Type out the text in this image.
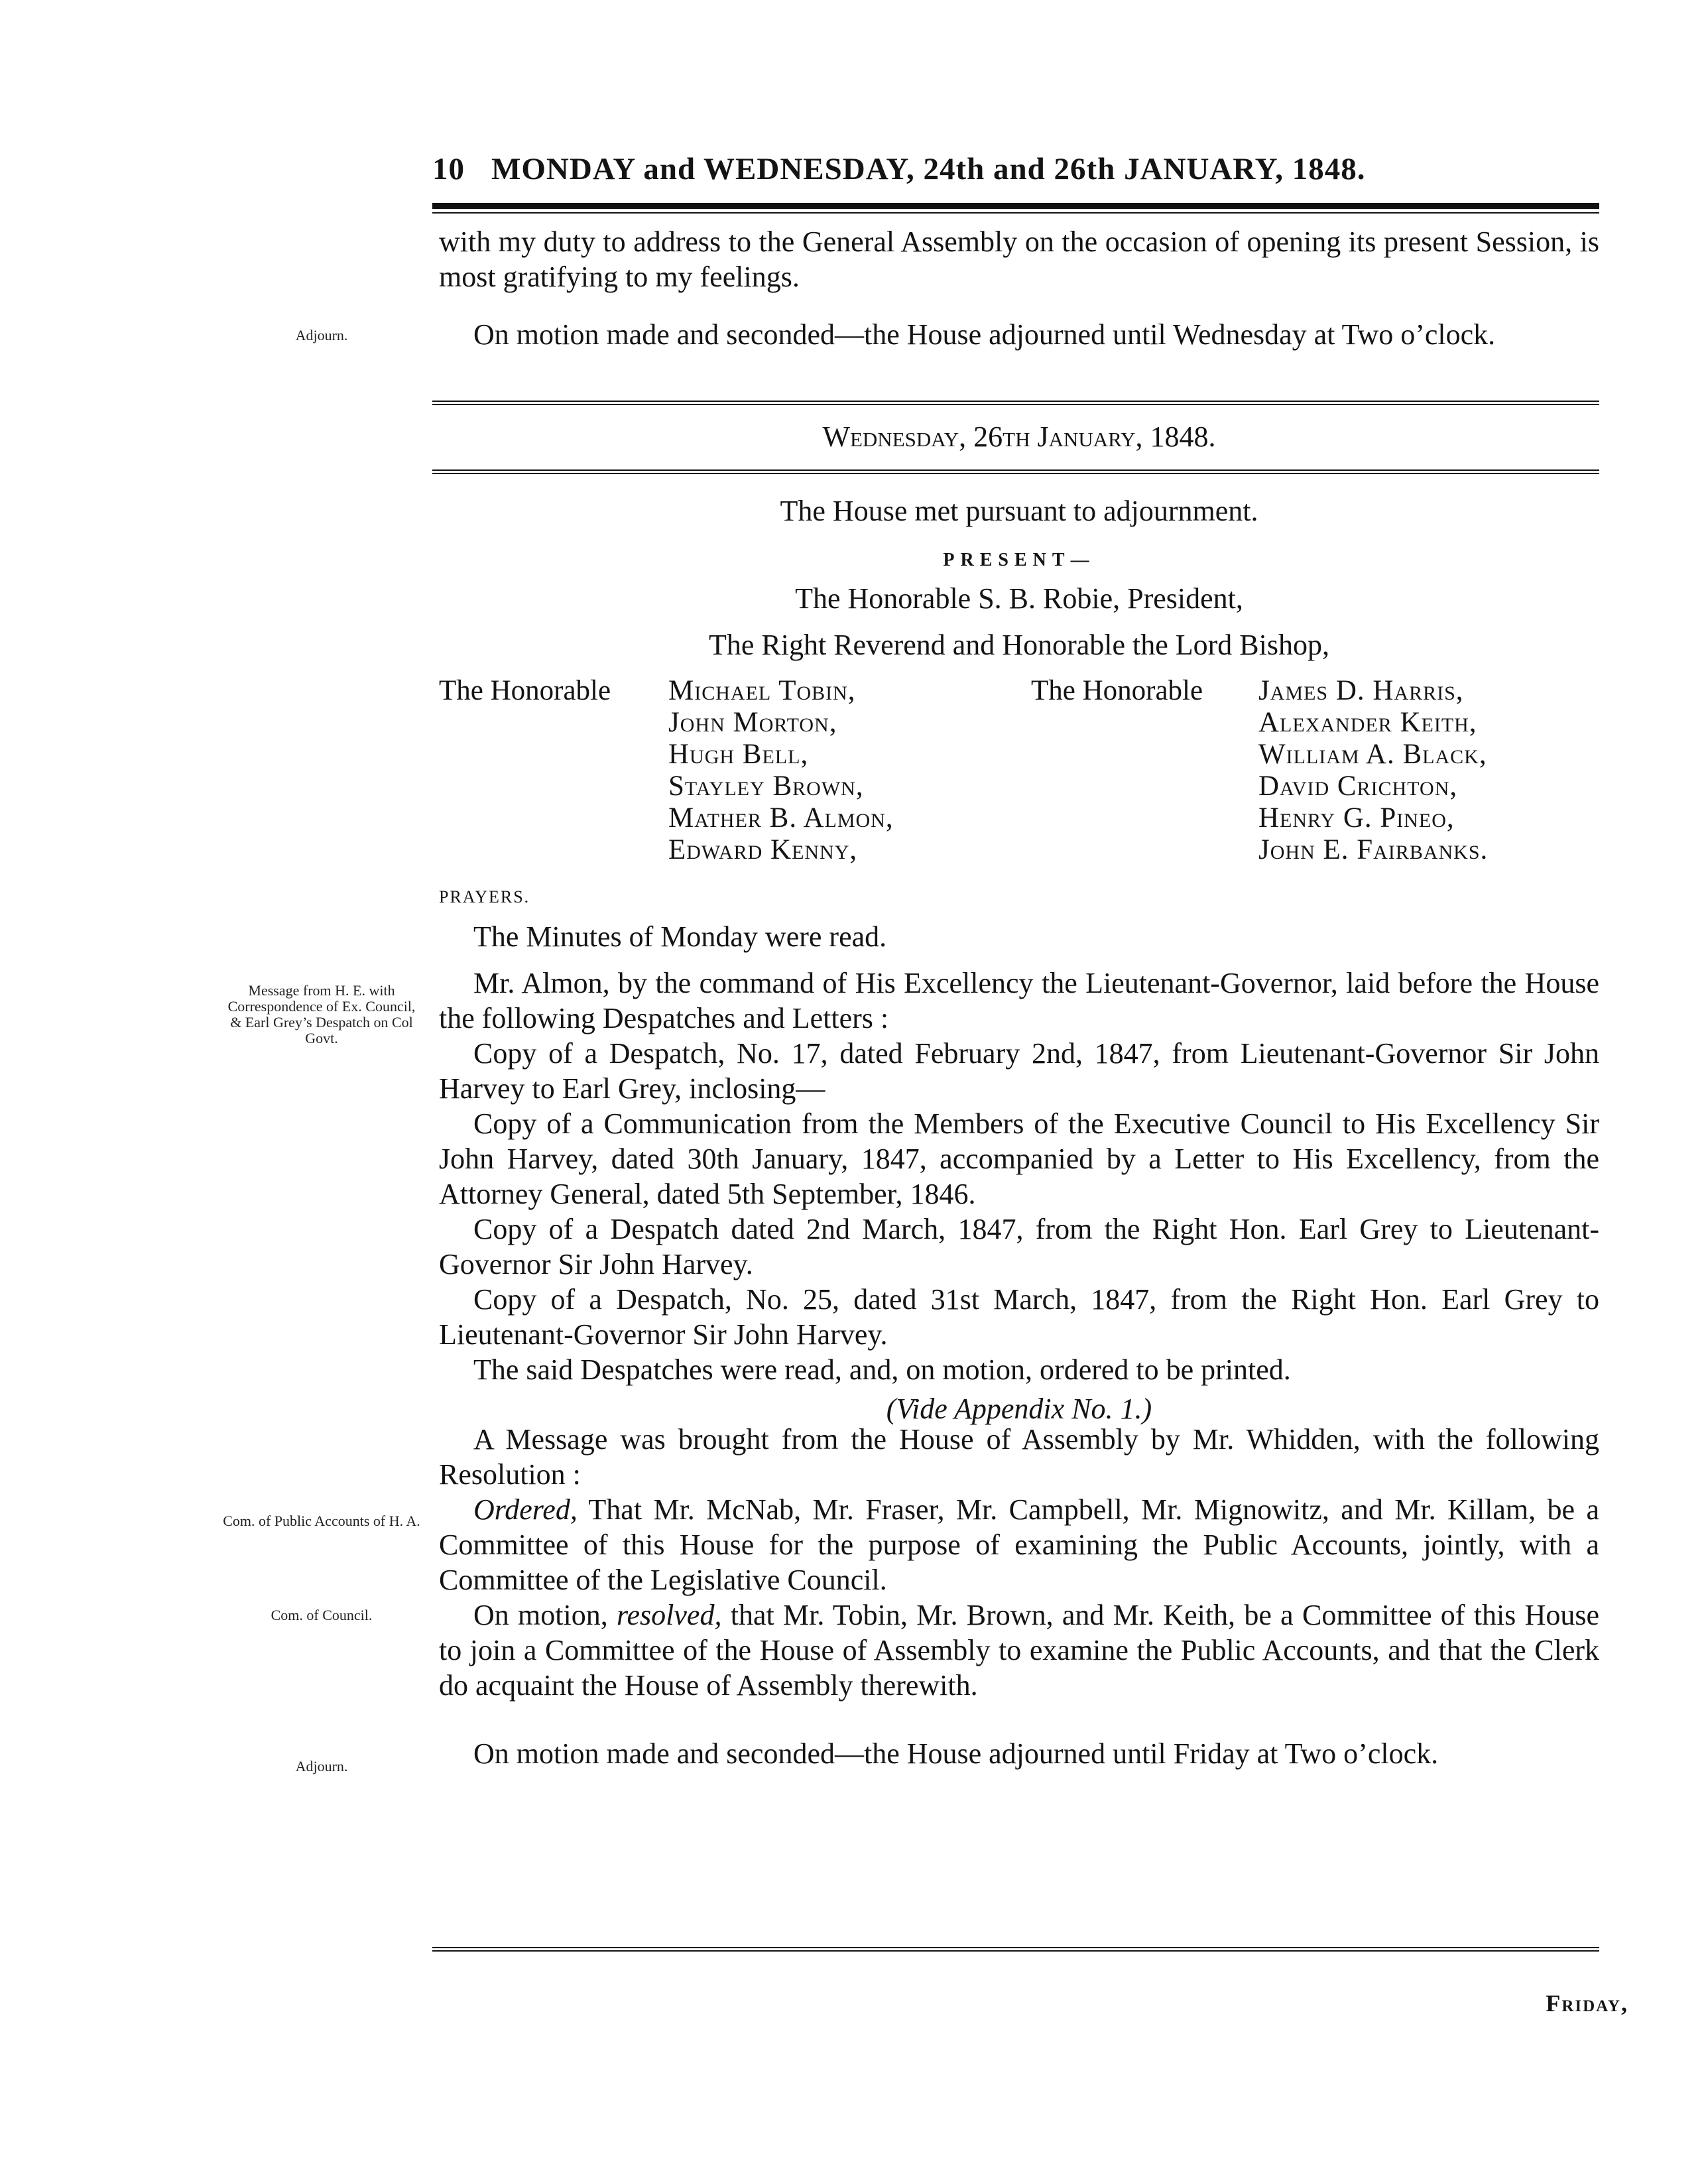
10 MONDAY and WEDNESDAY, 24th and 26th JANUARY, 1848.
with my duty to address to the General Assembly on the occasion of opening its present Session, is most gratifying to my feelings.
Adjourn.	On motion made and seconded—the House adjourned until Wednesday at Two o’clock.
Wednesday, 26th January, 1848.
The House met pursuant to adjournment.
PRESENT—
The Honorable S. B. Robie, President,
The Right Reverend and Honorable the Lord Bishop,
The Honorable Michael Tobin,
John Morton,
Hugh Bell,
Stayley Brown,
Mather B. Almon,
Edward Kenny,
The Honorable James D. Harris,
Alexander Keith,
William A. Black,
David Crichton,
Henry G. Pineo,
John E. Fairbanks.
PRAYERS.
The Minutes of Monday were read.
Message from H. E. with Correspondence of Ex. Council, & Earl Grey’s Despatch on Col Govt.
Mr. Almon, by the command of His Excellency the Lieutenant-Governor, laid before the House the following Despatches and Letters :
Copy of a Despatch, No. 17, dated February 2nd, 1847, from Lieutenant-Governor Sir John Harvey to Earl Grey, inclosing—
Copy of a Communication from the Members of the Executive Council to His Excellency Sir John Harvey, dated 30th January, 1847, accompanied by a Letter to His Excellency, from the Attorney General, dated 5th September, 1846.
Copy of a Despatch dated 2nd March, 1847, from the Right Hon. Earl Grey to Lieutenant-Governor Sir John Harvey.
Copy of a Despatch, No. 25, dated 31st March, 1847, from the Right Hon. Earl Grey to Lieutenant-Governor Sir John Harvey.
The said Despatches were read, and, on motion, ordered to be printed.
(Vide Appendix No. 1.)
A Message was brought from the House of Assembly by Mr. Whidden, with the following Resolution :
Ordered, That Mr. McNab, Mr. Fraser, Mr. Campbell, Mr. Mignowitz, and Mr. Killam, be a Committee of this House for the purpose of examining the Public Accounts, jointly, with a Committee of the Legislative Council.
On motion, resolved, that Mr. Tobin, Mr. Brown, and Mr. Keith, be a Committee of this House to join a Committee of the House of Assembly to examine the Public Accounts, and that the Clerk do acquaint the House of Assembly therewith.
Com. of Public Accounts of H. A.
Com. of Council.
Adjourn.	On motion made and seconded—the House adjourned until Friday at Two o’clock.
Friday,
